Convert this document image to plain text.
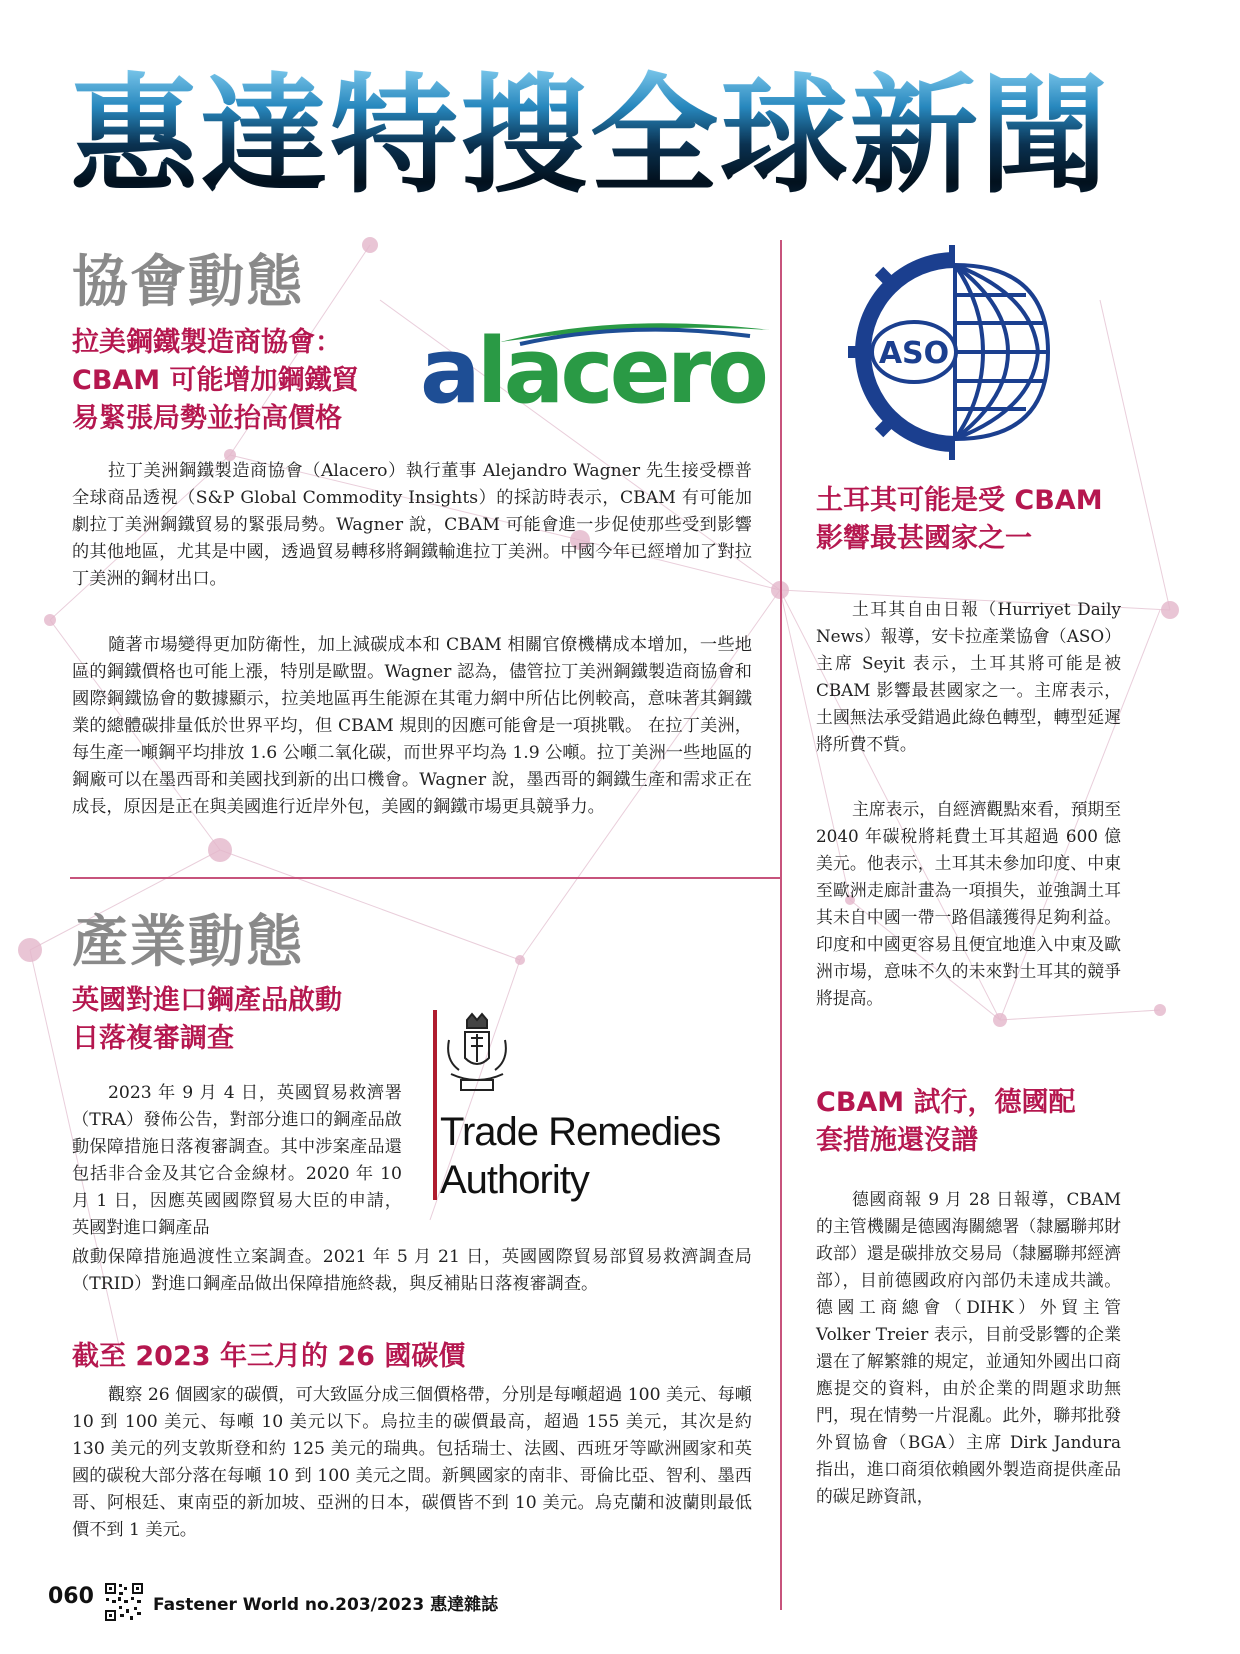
惠達特搜全球新聞
協會動態
拉美鋼鐵製造商協會：
CBAM 可能增加鋼鐵貿
易緊張局勢並抬高價格 alacero

拉丁美洲鋼鐵製造商協會（Alacero）執行董事 Alejandro Wagner 先生接受標普全球商品透視（S&P Global Commodity Insights）的採訪時表示，CBAM 有可能加劇拉丁美洲鋼鐵貿易的緊張局勢。Wagner 說，CBAM 可能會進一步促使那些受到影響的其他地區，尤其是中國，透過貿易轉移將鋼鐵輸進拉丁美洲。中國今年已經增加了對拉丁美洲的鋼材出口。

隨著市場變得更加防衛性，加上減碳成本和 CBAM 相關官僚機構成本增加，一些地區的鋼鐵價格也可能上漲，特別是歐盟。Wagner 認為，儘管拉丁美洲鋼鐵製造商協會和國際鋼鐵協會的數據顯示，拉美地區再生能源在其電力網中所佔比例較高，意味著其鋼鐵業的總體碳排量低於世界平均，但 CBAM 規則的因應可能會是一項挑戰。 在拉丁美洲，每生產一噸鋼平均排放 1.6 公噸二氧化碳，而世界平均為 1.9 公噸。拉丁美洲一些地區的鋼廠可以在墨西哥和美國找到新的出口機會。Wagner 說，墨西哥的鋼鐵生產和需求正在成長，原因是正在與美國進行近岸外包，美國的鋼鐵市場更具競爭力。

產業動態
英國對進口鋼產品啟動
日落複審調查
Trade Remedies
Authority

2023 年 9 月 4 日，英國貿易救濟署（TRA）發佈公告，對部分進口的鋼產品啟動保障措施日落複審調查。其中涉案產品還包括非合金及其它合金線材。2020 年 10 月 1 日，因應英國國際貿易大臣的申請，英國對進口鋼產品

啟動保障措施過渡性立案調查。2021 年 5 月 21 日，英國國際貿易部貿易救濟調查局（TRID）對進口鋼產品做出保障措施終裁，與反補貼日落複審調查。

截至 2023 年三月的 26 國碳價

觀察 26 個國家的碳價，可大致區分成三個價格帶，分別是每噸超過 100 美元、每噸 10 到 100 美元、每噸 10 美元以下。烏拉圭的碳價最高，超過 155 美元，其次是約 130 美元的列支敦斯登和約 125 美元的瑞典。包括瑞士、法國、西班牙等歐洲國家和英國的碳稅大部分落在每噸 10 到 100 美元之間。新興國家的南非、哥倫比亞、智利、墨西哥、阿根廷、東南亞的新加坡、亞洲的日本，碳價皆不到 10 美元。烏克蘭和波蘭則最低價不到 1 美元。

ASO
土耳其可能是受 CBAM
影響最甚國家之一

土耳其自由日報（Hurriyet Daily News）報導，安卡拉產業協會（ASO）主席 Seyit 表示，土耳其將可能是被 CBAM 影響最甚國家之一。主席表示，土國無法承受錯過此綠色轉型，轉型延遲將所費不貲。

主席表示，自經濟觀點來看，預期至 2040 年碳稅將耗費土耳其超過 600 億美元。他表示，土耳其未參加印度、中東至歐洲走廊計畫為一項損失，並強調土耳其未自中國一帶一路倡議獲得足夠利益。印度和中國更容易且便宜地進入中東及歐洲市場，意味不久的未來對土耳其的競爭將提高。

CBAM 試行，德國配
套措施還沒譜

德國商報 9 月 28 日報導，CBAM 的主管機關是德國海關總署（隸屬聯邦財政部）還是碳排放交易局（隸屬聯邦經濟部），目前德國政府內部仍未達成共識。德國工商總會（DIHK）外貿主管 Volker Treier 表示，目前受影響的企業還在了解繁雜的規定，並通知外國出口商應提交的資料，由於企業的問題求助無門，現在情勢一片混亂。此外，聯邦批發外貿協會（BGA）主席 Dirk Jandura 指出，進口商須依賴國外製造商提供產品的碳足跡資訊，

060	Fastener World no.203/2023 惠達雜誌
